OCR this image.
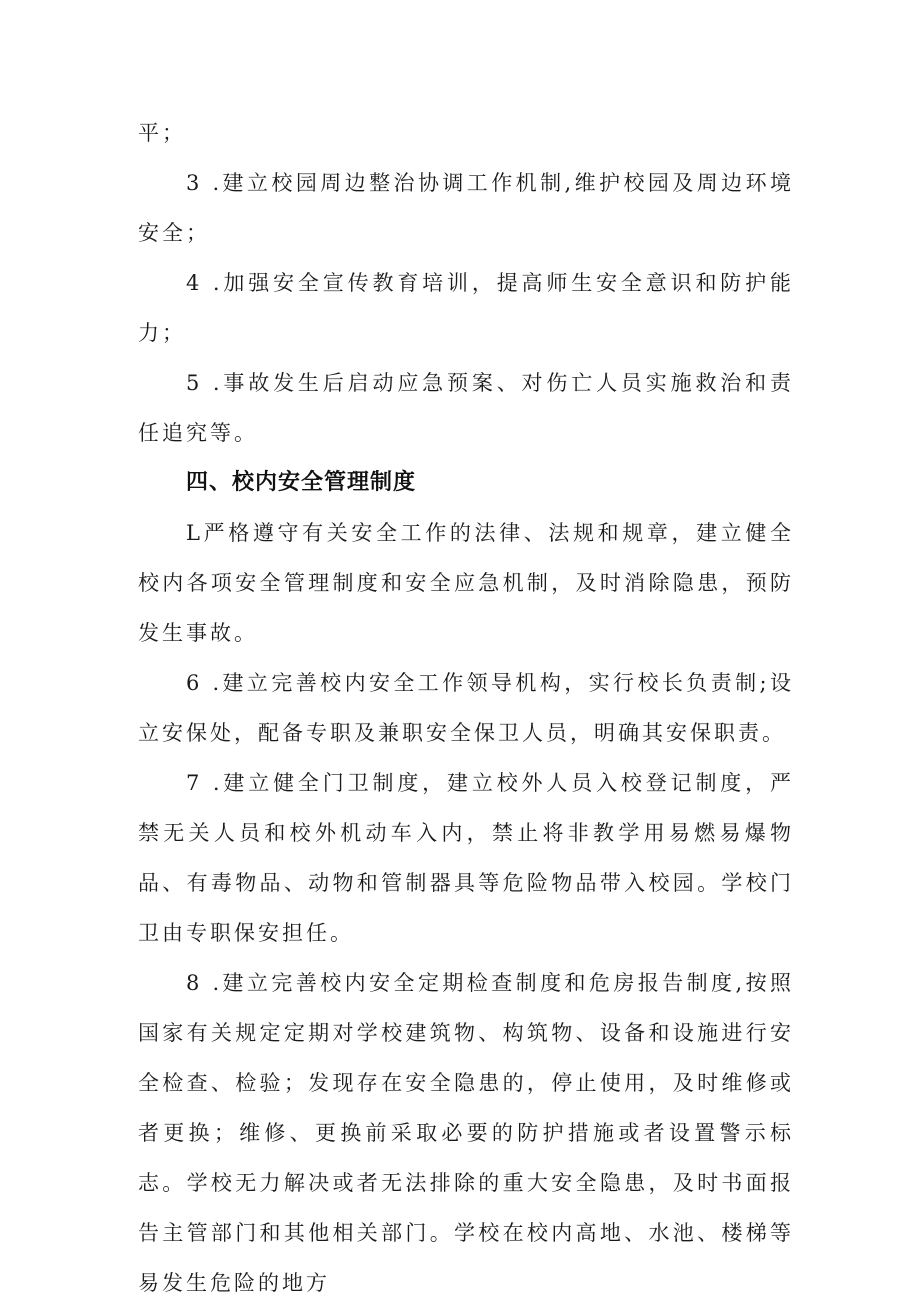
平；

3 .建立校园周边整治协调工作机制,维护校园及周边环境安全；

4 .加强安全宣传教育培训，提高师生安全意识和防护能力；

5 .事故发生后启动应急预案、对伤亡人员实施救治和责任追究等。

四、校内安全管理制度

L严格遵守有关安全工作的法律、法规和规章，建立健全校内各项安全管理制度和安全应急机制，及时消除隐患，预防发生事故。

6 .建立完善校内安全工作领导机构，实行校长负责制;设立安保处，配备专职及兼职安全保卫人员，明确其安保职责。

7 .建立健全门卫制度，建立校外人员入校登记制度，严禁无关人员和校外机动车入内，禁止将非教学用易燃易爆物品、有毒物品、动物和管制器具等危险物品带入校园。学校门卫由专职保安担任。

8 .建立完善校内安全定期检查制度和危房报告制度,按照国家有关规定定期对学校建筑物、构筑物、设备和设施进行安全检查、检验；发现存在安全隐患的，停止使用，及时维修或者更换；维修、更换前采取必要的防护措施或者设置警示标志。学校无力解决或者无法排除的重大安全隐患，及时书面报告主管部门和其他相关部门。学校在校内高地、水池、楼梯等易发生危险的地方
